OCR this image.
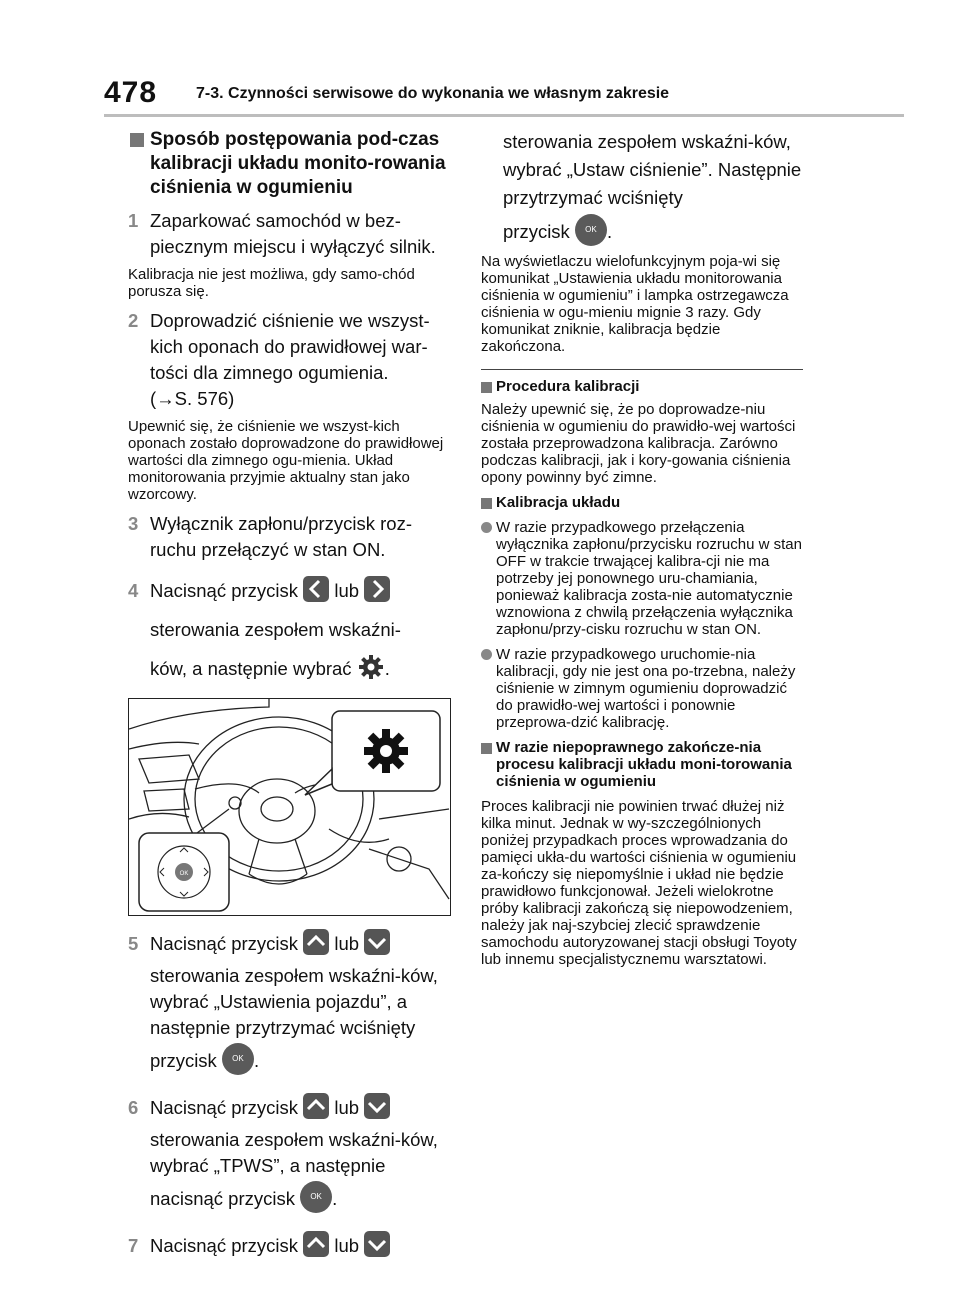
478 7-3. Czynności serwisowe do wykonania we własnym zakresie
Sposób postępowania pod-czas kalibracji układu monito-rowania ciśnienia w ogumieniu
1 Zaparkować samochód w bez-piecznym miejscu i wyłączyć silnik.
Kalibracja nie jest możliwa, gdy samo-chód porusza się.
2 Doprowadzić ciśnienie we wszyst-kich oponach do prawidłowej war-tości dla zimnego ogumienia.
(→S. 576)
Upewnić się, że ciśnienie we wszyst-kich oponach zostało doprowadzone do prawidłowej wartości dla zimnego ogu-mienia. Układ monitorowania przyjmie aktualny stan jako wzorcowy.
3 Wyłącznik zapłonu/przycisk roz-ruchu przełączyć w stan ON.
4 Nacisnąć przycisk lub

sterowania zespołem wskaźni-
ków, a następnie wybrać .
OK
5 Nacisnąć przycisk lub
sterowania zespołem wskaźni-ków, wybrać „Ustawienia pojazdu”, a następnie przytrzymać wciśnięty
przycisk OK .
6 Nacisnąć przycisk lub
sterowania zespołem wskaźni-ków, wybrać „TPWS”, a następnie
nacisnąć przycisk OK .
7 Nacisnąć przycisk lub
sterowania zespołem wskaźni-ków, wybrać „Ustaw ciśnienie”. Następnie przytrzymać wciśnięty
przycisk OK .
Na wyświetlaczu wielofunkcyjnym poja-wi się komunikat „Ustawienia układu monitorowania ciśnienia w ogumieniu” i lampka ostrzegawcza ciśnienia w ogu-mieniu mignie 3 razy. Gdy komunikat zniknie, kalibracja będzie zakończona.
Procedura kalibracji
Należy upewnić się, że po doprowadze-niu ciśnienia w ogumieniu do prawidło-wej wartości została przeprowadzona kalibracja. Zarówno podczas kalibracji, jak i kory-gowania ciśnienia opony powinny być zimne.
Kalibracja układu
W razie przypadkowego przełączenia wyłącznika zapłonu/przycisku rozruchu w stan OFF w trakcie trwającej kalibra-cji nie ma potrzeby jej ponownego uru-chamiania, ponieważ kalibracja zosta-nie automatycznie wznowiona z chwilą przełączenia wyłącznika zapłonu/przy-cisku rozruchu w stan ON.
W razie przypadkowego uruchomie-nia kalibracji, gdy nie jest ona po-trzebna, należy ciśnienie w zimnym ogumieniu doprowadzić do prawidło-wej wartości i ponownie przeprowa-dzić kalibrację.
W razie niepoprawnego zakończe-nia procesu kalibracji układu moni-torowania ciśnienia w ogumieniu
Proces kalibracji nie powinien trwać dłużej niż kilka minut. Jednak w wy-szczególnionych poniżej przypadkach proces wprowadzania do pamięci ukła-du wartości ciśnienia w ogumieniu za-kończy się niepomyślnie i układ nie będzie prawidłowo funkcjonował. Jeżeli wielokrotne próby kalibracji zakończą się niepowodzeniem, należy jak naj-szybciej zlecić sprawdzenie samochodu autoryzowanej stacji obsługi Toyoty lub innemu specjalistycznemu warsztatowi.
